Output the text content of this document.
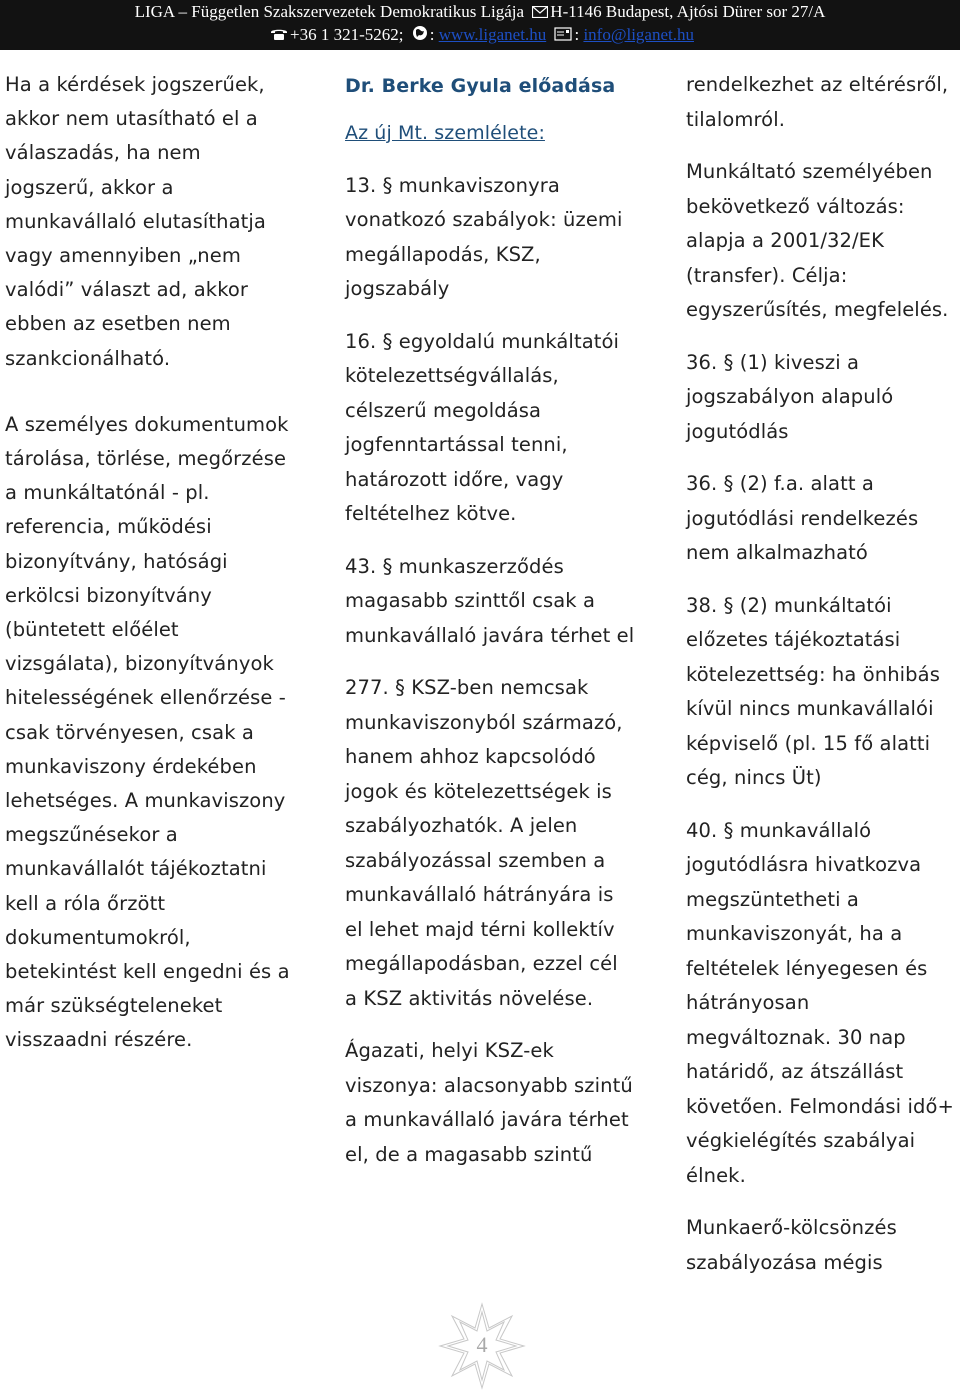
LIGA – Független Szakszervezetek Demokratikus Ligája H-1146 Budapest, Ajtósi Dürer sor 27/A
+36 1 321-5262; : www.liganet.hu : info@liganet.hu

Ha a kérdések jogszerűek, akkor nem utasítható el a válaszadás, ha nem jogszerű, akkor a munkavállaló elutasíthatja vagy amennyiben „nem valódi” választ ad, akkor ebben az esetben nem szankcionálható.

A személyes dokumentumok tárolása, törlése, megőrzése a munkáltatónál - pl. referencia, működési bizonyítvány, hatósági erkölcsi bizonyítvány (büntetett előélet vizsgálata), bizonyítványok hitelességének ellenőrzése - csak törvényesen, csak a munkaviszony érdekében lehetséges. A munkaviszony megszűnésekor a munkavállalót tájékoztatni kell a róla őrzött dokumentumokról, betekintést kell engedni és a már szükségteleneket visszaadni részére.

Dr. Berke Gyula előadása

Az új Mt. szemlélete:

13. § munkaviszonyra vonatkozó szabályok: üzemi megállapodás, KSZ, jogszabály

16. § egyoldalú munkáltatói kötelezettségvállalás, célszerű megoldása jogfenntartással tenni, határozott időre, vagy feltételhez kötve.

43. § munkaszerződés magasabb szinttől csak a munkavállaló javára térhet el

277. § KSZ-ben nemcsak munkaviszonyból származó, hanem ahhoz kapcsolódó jogok és kötelezettségek is szabályozhatók. A jelen szabályozással szemben a munkavállaló hátrányára is el lehet majd térni kollektív megállapodásban, ezzel cél a KSZ aktivitás növelése.

Ágazati, helyi KSZ-ek viszonya: alacsonyabb szintű a munkavállaló javára térhet el, de a magasabb szintű

rendelkezhet az eltérésről, tilalomról.

Munkáltató személyében bekövetkező változás: alapja a 2001/32/EK (transfer). Célja: egyszerűsítés, megfelelés.

36. § (1) kiveszi a jogszabályon alapuló jogutódlás

36. § (2) f.a. alatt a jogutódlási rendelkezés nem alkalmazható

38. § (2) munkáltatói előzetes tájékoztatási kötelezettség: ha önhibás kívül nincs munkavállalói képviselő (pl. 15 fő alatti cég, nincs Üt)

40. § munkavállaló jogutódlásra hivatkozva megszüntetheti a munkaviszonyát, ha a feltételek lényegesen és hátrányosan megváltoznak. 30 nap határidő, az átszállást követően. Felmondási idő+ végkielégítés szabályai élnek.

Munkaerő-kölcsönzés szabályozása mégis

4
